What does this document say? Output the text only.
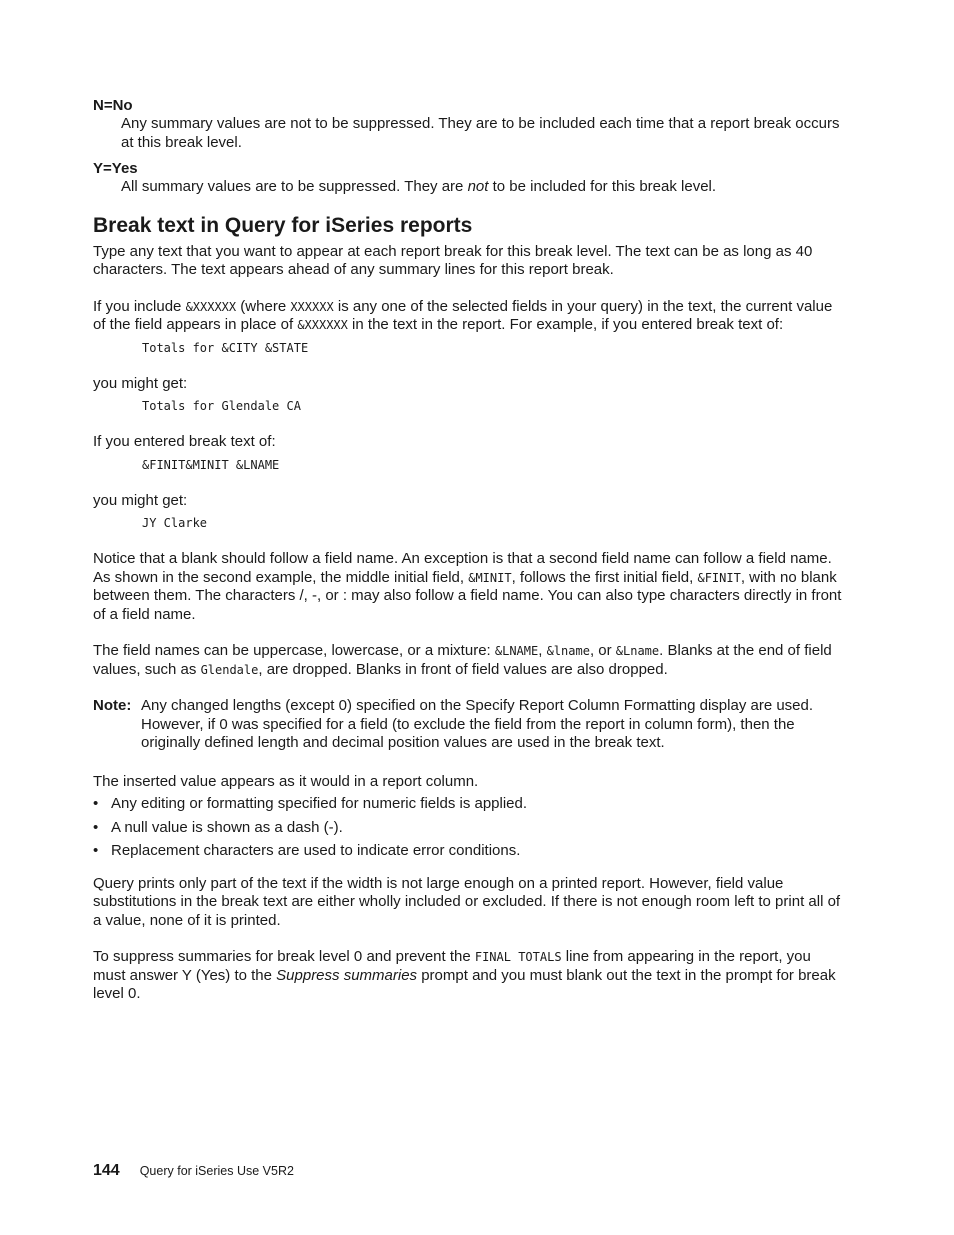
N=No

Any summary values are not to be suppressed. They are to be included each time that a report break occurs at this break level.

Y=Yes

All summary values are to be suppressed. They are not to be included for this break level.

Break text in Query for iSeries reports

Type any text that you want to appear at each report break for this break level. The text can be as long as 40 characters. The text appears ahead of any summary lines for this report break.

If you include &XXXXXX (where XXXXXX is any one of the selected fields in your query) in the text, the current value of the field appears in place of &XXXXXX in the text in the report. For example, if you entered break text of:

Totals for &CITY &STATE

you might get:

Totals for Glendale CA

If you entered break text of:

&FINIT&MINIT &LNAME

you might get:

JY Clarke

Notice that a blank should follow a field name. An exception is that a second field name can follow a field name. As shown in the second example, the middle initial field, &MINIT, follows the first initial field, &FINIT, with no blank between them. The characters /, -, or : may also follow a field name. You can also type characters directly in front of a field name.

The field names can be uppercase, lowercase, or a mixture: &LNAME, &lname, or &Lname. Blanks at the end of field values, such as Glendale, are dropped. Blanks in front of field values are also dropped.

Note: Any changed lengths (except 0) specified on the Specify Report Column Formatting display are used. However, if 0 was specified for a field (to exclude the field from the report in column form), then the originally defined length and decimal position values are used in the break text.

The inserted value appears as it would in a report column.

• Any editing or formatting specified for numeric fields is applied.
• A null value is shown as a dash (-).
• Replacement characters are used to indicate error conditions.

Query prints only part of the text if the width is not large enough on a printed report. However, field value substitutions in the break text are either wholly included or excluded. If there is not enough room left to print all of a value, none of it is printed.

To suppress summaries for break level 0 and prevent the FINAL TOTALS line from appearing in the report, you must answer Y (Yes) to the Suppress summaries prompt and you must blank out the text in the prompt for break level 0.

144 Query for iSeries Use V5R2
